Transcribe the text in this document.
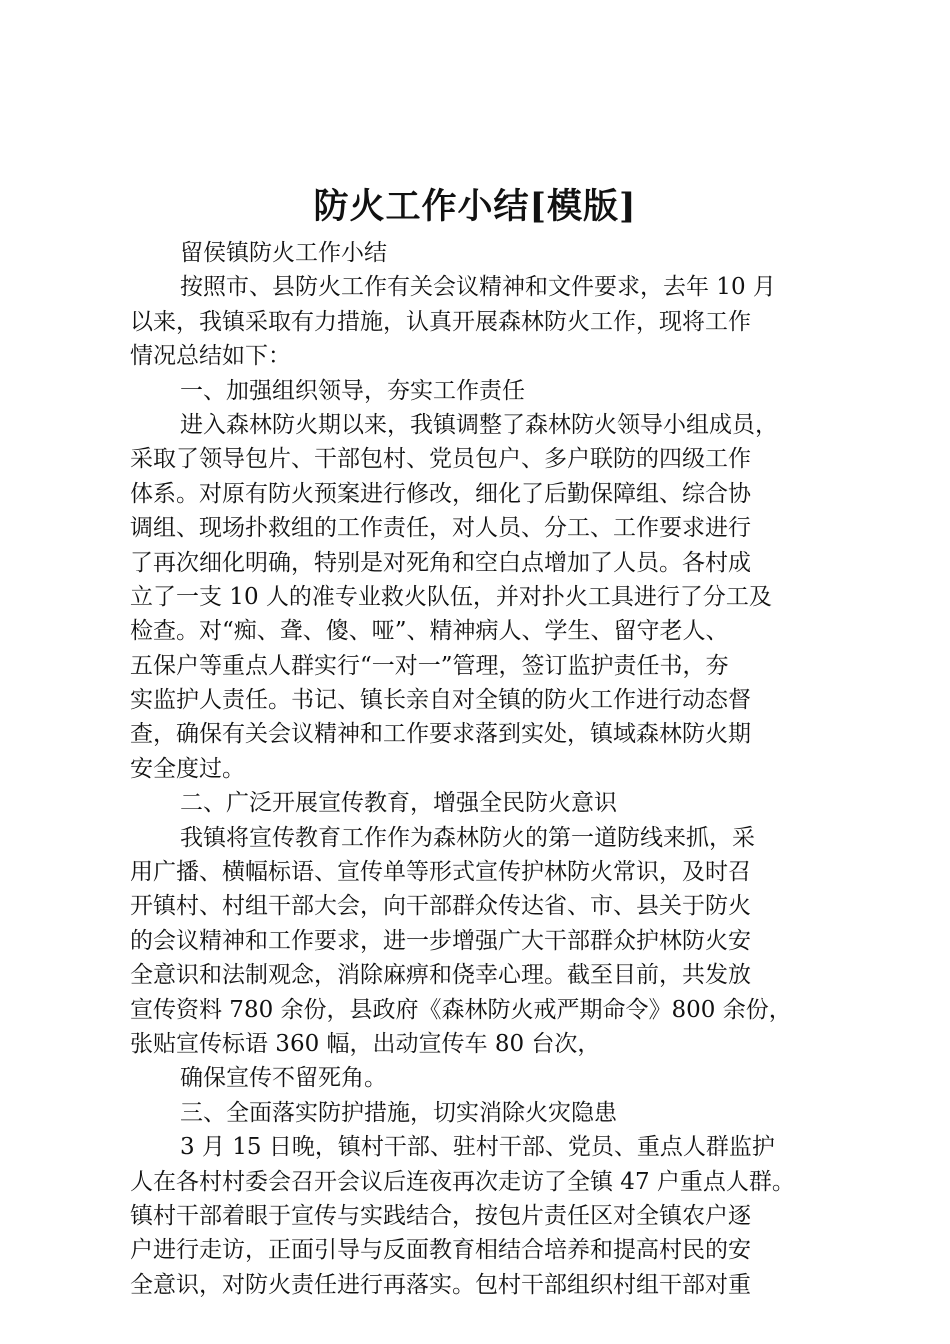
防火工作小结[模版]
留侯镇防火工作小结
按照市、县防火工作有关会议精神和文件要求，去年 10 月
以来，我镇采取有力措施，认真开展森林防火工作，现将工作
情况总结如下：
一、加强组织领导，夯实工作责任
进入森林防火期以来，我镇调整了森林防火领导小组成员，
采取了领导包片、干部包村、党员包户、多户联防的四级工作
体系。对原有防火预案进行修改，细化了后勤保障组、综合协
调组、现场扑救组的工作责任，对人员、分工、工作要求进行
了再次细化明确，特别是对死角和空白点增加了人员。各村成
立了一支 10 人的准专业救火队伍，并对扑火工具进行了分工及
检查。对“痴、聋、傻、哑”、精神病人、学生、留守老人、
五保户等重点人群实行“一对一”管理，签订监护责任书，夯
实监护人责任。书记、镇长亲自对全镇的防火工作进行动态督
查，确保有关会议精神和工作要求落到实处，镇域森林防火期
安全度过。
二、广泛开展宣传教育，增强全民防火意识
我镇将宣传教育工作作为森林防火的第一道防线来抓，采
用广播、横幅标语、宣传单等形式宣传护林防火常识，及时召
开镇村、村组干部大会，向干部群众传达省、市、县关于防火
的会议精神和工作要求，进一步增强广大干部群众护林防火安
全意识和法制观念，消除麻痹和侥幸心理。截至目前，共发放
宣传资料 780 余份，县政府《森林防火戒严期命令》800 余份，
张贴宣传标语 360 幅，出动宣传车 80 台次，
确保宣传不留死角。
三、全面落实防护措施，切实消除火灾隐患
3 月 15 日晚，镇村干部、驻村干部、党员、重点人群监护
人在各村村委会召开会议后连夜再次走访了全镇 47 户重点人群。
镇村干部着眼于宣传与实践结合，按包片责任区对全镇农户逐
户进行走访，正面引导与反面教育相结合培养和提高村民的安
全意识，对防火责任进行再落实。包村干部组织村组干部对重
